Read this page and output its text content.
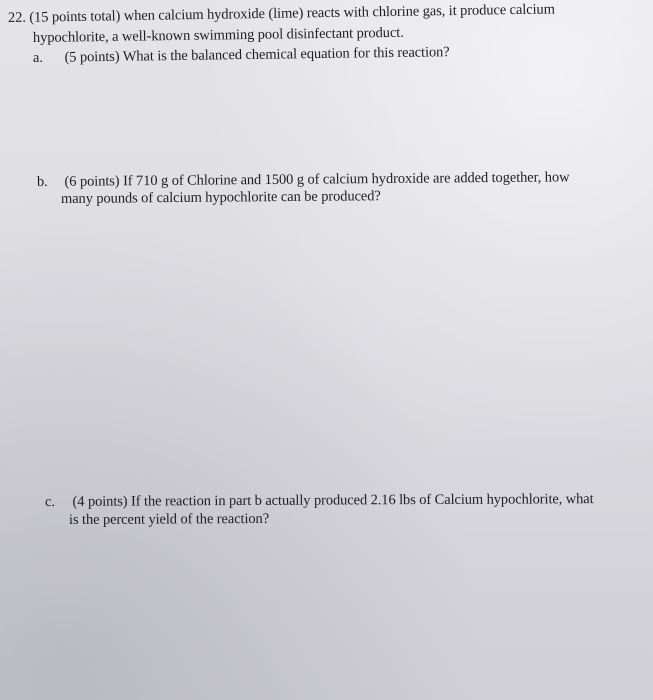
22. (15 points total) when calcium hydroxide (lime) reacts with chlorine gas, it produce calcium
hypochlorite, a well-known swimming pool disinfectant product.
a. (5 points) What is the balanced chemical equation for this reaction?
b. (6 points) If 710 g of Chlorine and 1500 g of calcium hydroxide are added together, how
many pounds of calcium hypochlorite can be produced?
c. (4 points) If the reaction in part b actually produced 2.16 lbs of Calcium hypochlorite, what
is the percent yield of the reaction?
